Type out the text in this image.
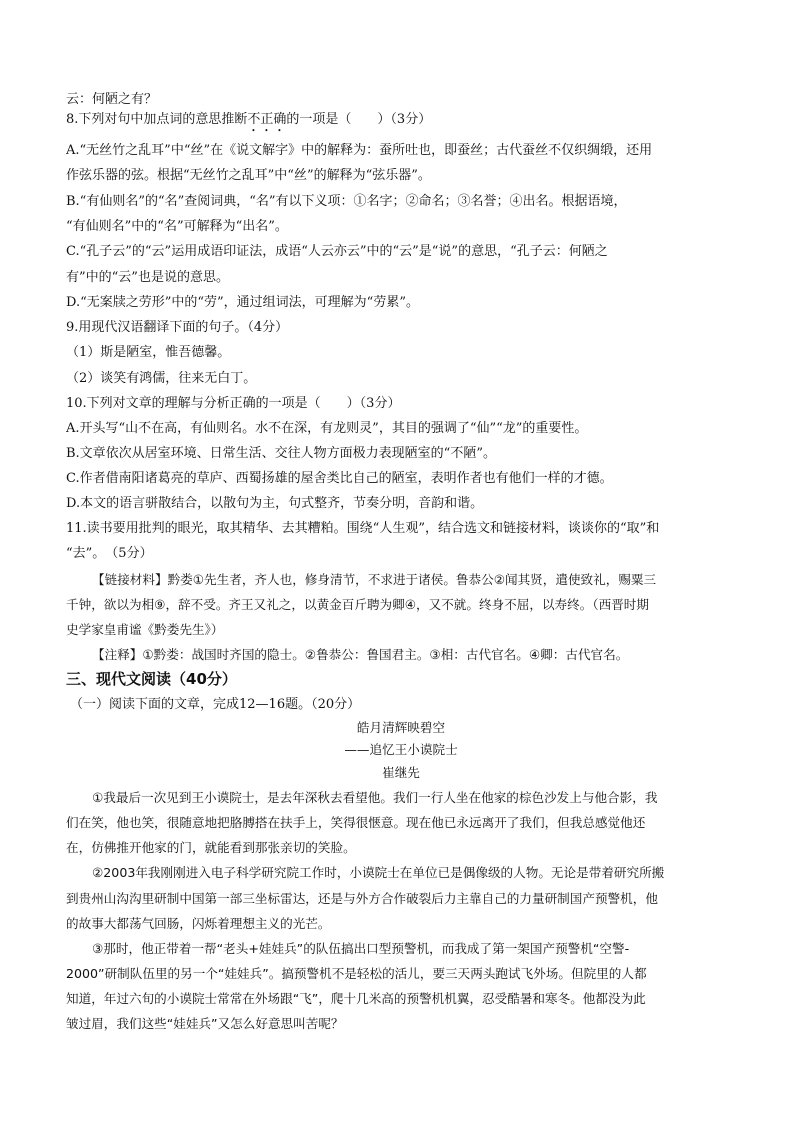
云：何陋之有？
8.下列对句中加点词的意思推断不正确的一项是（　　）（3分）
A.“无丝竹之乱耳”中“丝”在《说文解字》中的解释为：蚕所吐也，即蚕丝；古代蚕丝不仅织绸缎，还用
作弦乐器的弦。根据“无丝竹之乱耳”中“丝”的解释为“弦乐器”。
B.“有仙则名”的“名”查阅词典，“名”有以下义项：①名字；②命名；③名誉；④出名。根据语境，
“有仙则名”中的“名”可解释为“出名”。
C.“孔子云”的“云”运用成语印证法，成语“人云亦云”中的“云”是“说”的意思，“孔子云：何陋之
有”中的“云”也是说的意思。
D.“无案牍之劳形”中的“劳”，通过组词法，可理解为“劳累”。
9.用现代汉语翻译下面的句子。（4分）
（1）斯是陋室，惟吾德馨。
（2）谈笑有鸿儒，往来无白丁。
10.下列对文章的理解与分析正确的一项是（　　）（3分）
A.开头写“山不在高，有仙则名。水不在深，有龙则灵”，其目的强调了“仙”“龙”的重要性。
B.文章依次从居室环境、日常生活、交往人物方面极力表现陋室的“不陋”。
C.作者借南阳诸葛亮的草庐、西蜀扬雄的屋舍类比自己的陋室，表明作者也有他们一样的才德。
D.本文的语言骈散结合，以散句为主，句式整齐，节奏分明，音韵和谐。
11.读书要用批判的眼光，取其精华、去其糟粕。围绕“人生观”，结合选文和链接材料，谈谈你的“取”和
“去”。　（5分）
【链接材料】黔娄①先生者，齐人也，修身清节，不求进于诸侯。鲁恭公②闻其贤，遣使致礼，赐粟三
千钟，欲以为相⑨，辞不受。齐王又礼之，以黄金百斤聘为卿④，又不就。终身不屈，以寿终。（西晋时期
史学家皇甫谧《黔娄先生》）
【注释】①黔娄：战国时齐国的隐士。②鲁恭公：鲁国君主。③相：古代官名。④卿：古代官名。
三、现代文阅读（40分）
（一）阅读下面的文章，完成12—16题。（20分）
皓月清辉映碧空
——追忆王小谟院士
崔继先
①我最后一次见到王小谟院士，是去年深秋去看望他。我们一行人坐在他家的棕色沙发上与他合影，我
们在笑，他也笑，很随意地把胳膊搭在扶手上，笑得很惬意。现在他已永远离开了我们，但我总感觉他还
在，仿佛推开他家的门，就能看到那张亲切的笑脸。
②2003年我刚刚进入电子科学研究院工作时，小谟院士在单位已是偶像级的人物。无论是带着研究所搬
到贵州山沟沟里研制中国第一部三坐标雷达，还是与外方合作破裂后力主靠自己的力量研制国产预警机，他
的故事大都荡气回肠，闪烁着理想主义的光芒。
③那时，他正带着一帮“老头+娃娃兵”的队伍搞出口型预警机，而我成了第一架国产预警机“空警-
2000”研制队伍里的另一个“娃娃兵”。搞预警机不是轻松的活儿，要三天两头跑试飞外场。但院里的人都
知道，年过六旬的小谟院士常常在外场跟“飞”，爬十几米高的预警机机翼，忍受酷暑和寒冬。他都没为此
皱过眉，我们这些“娃娃兵”又怎么好意思叫苦呢？
